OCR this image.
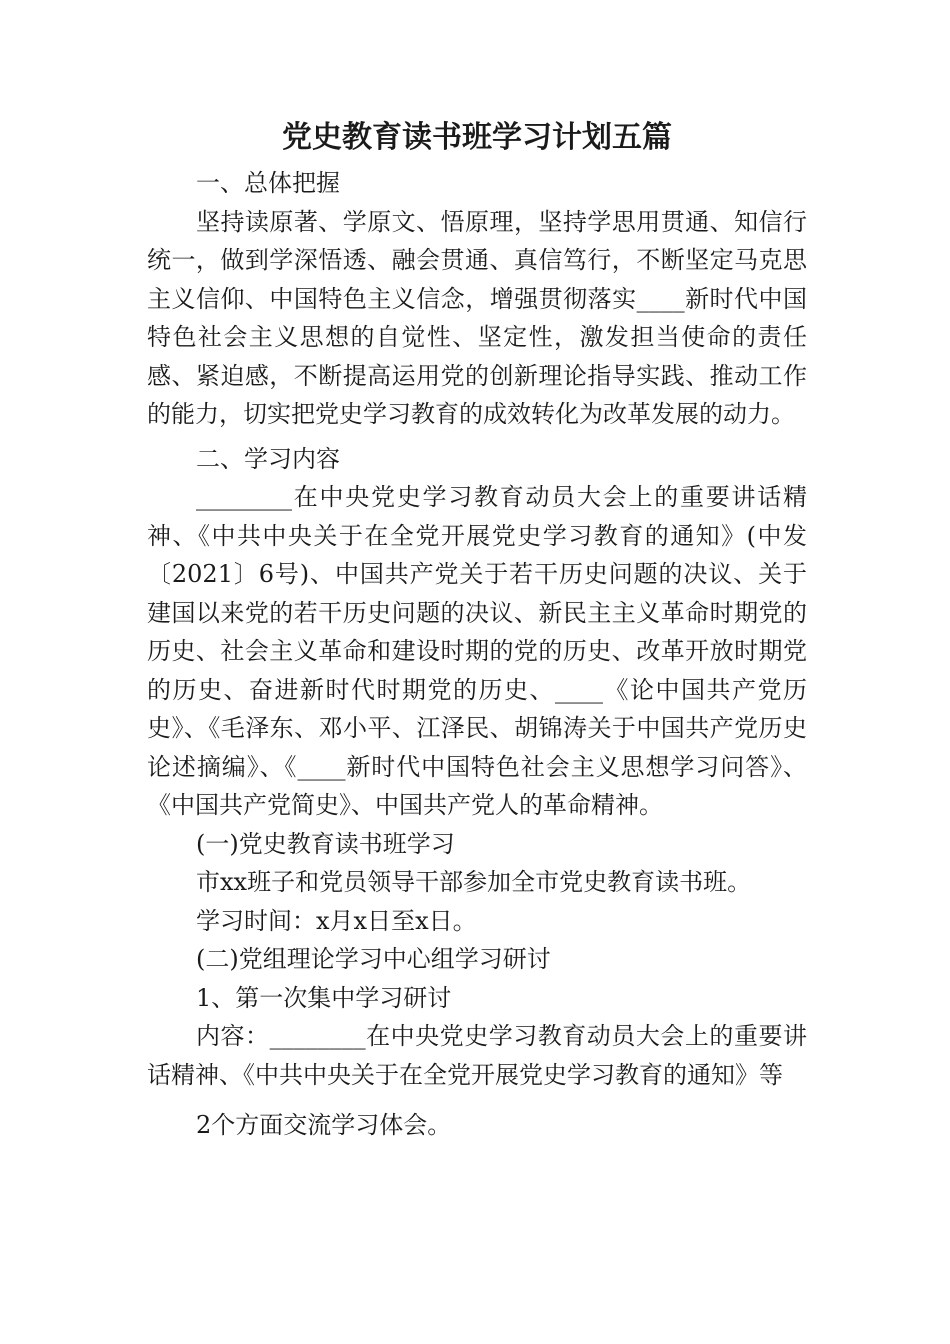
党史教育读书班学习计划五篇

一、总体把握

坚持读原著、学原文、悟原理，坚持学思用贯通、知信行统一，做到学深悟透、融会贯通、真信笃行，不断坚定马克思主义信仰、中国特色主义信念，增强贯彻落实____新时代中国特色社会主义思想的自觉性、坚定性，激发担当使命的责任感、紧迫感，不断提高运用党的创新理论指导实践、推动工作的能力，切实把党史学习教育的成效转化为改革发展的动力。

二、学习内容

________在中央党史学习教育动员大会上的重要讲话精神、《中共中央关于在全党开展党史学习教育的通知》(中发〔2021〕6号)、中国共产党关于若干历史问题的决议、关于建国以来党的若干历史问题的决议、新民主主义革命时期党的历史、社会主义革命和建设时期的党的历史、改革开放时期党的历史、奋进新时代时期党的历史、____《论中国共产党历史》、《毛泽东、邓小平、江泽民、胡锦涛关于中国共产党历史论述摘编》、《____新时代中国特色社会主义思想学习问答》、《中国共产党简史》、中国共产党人的革命精神。

(一)党史教育读书班学习

市xx班子和党员领导干部参加全市党史教育读书班。

学习时间：x月x日至x日。

(二)党组理论学习中心组学习研讨

1、第一次集中学习研讨

内容：________在中央党史学习教育动员大会上的重要讲话精神、《中共中央关于在全党开展党史学习教育的通知》等

2个方面交流学习体会。
